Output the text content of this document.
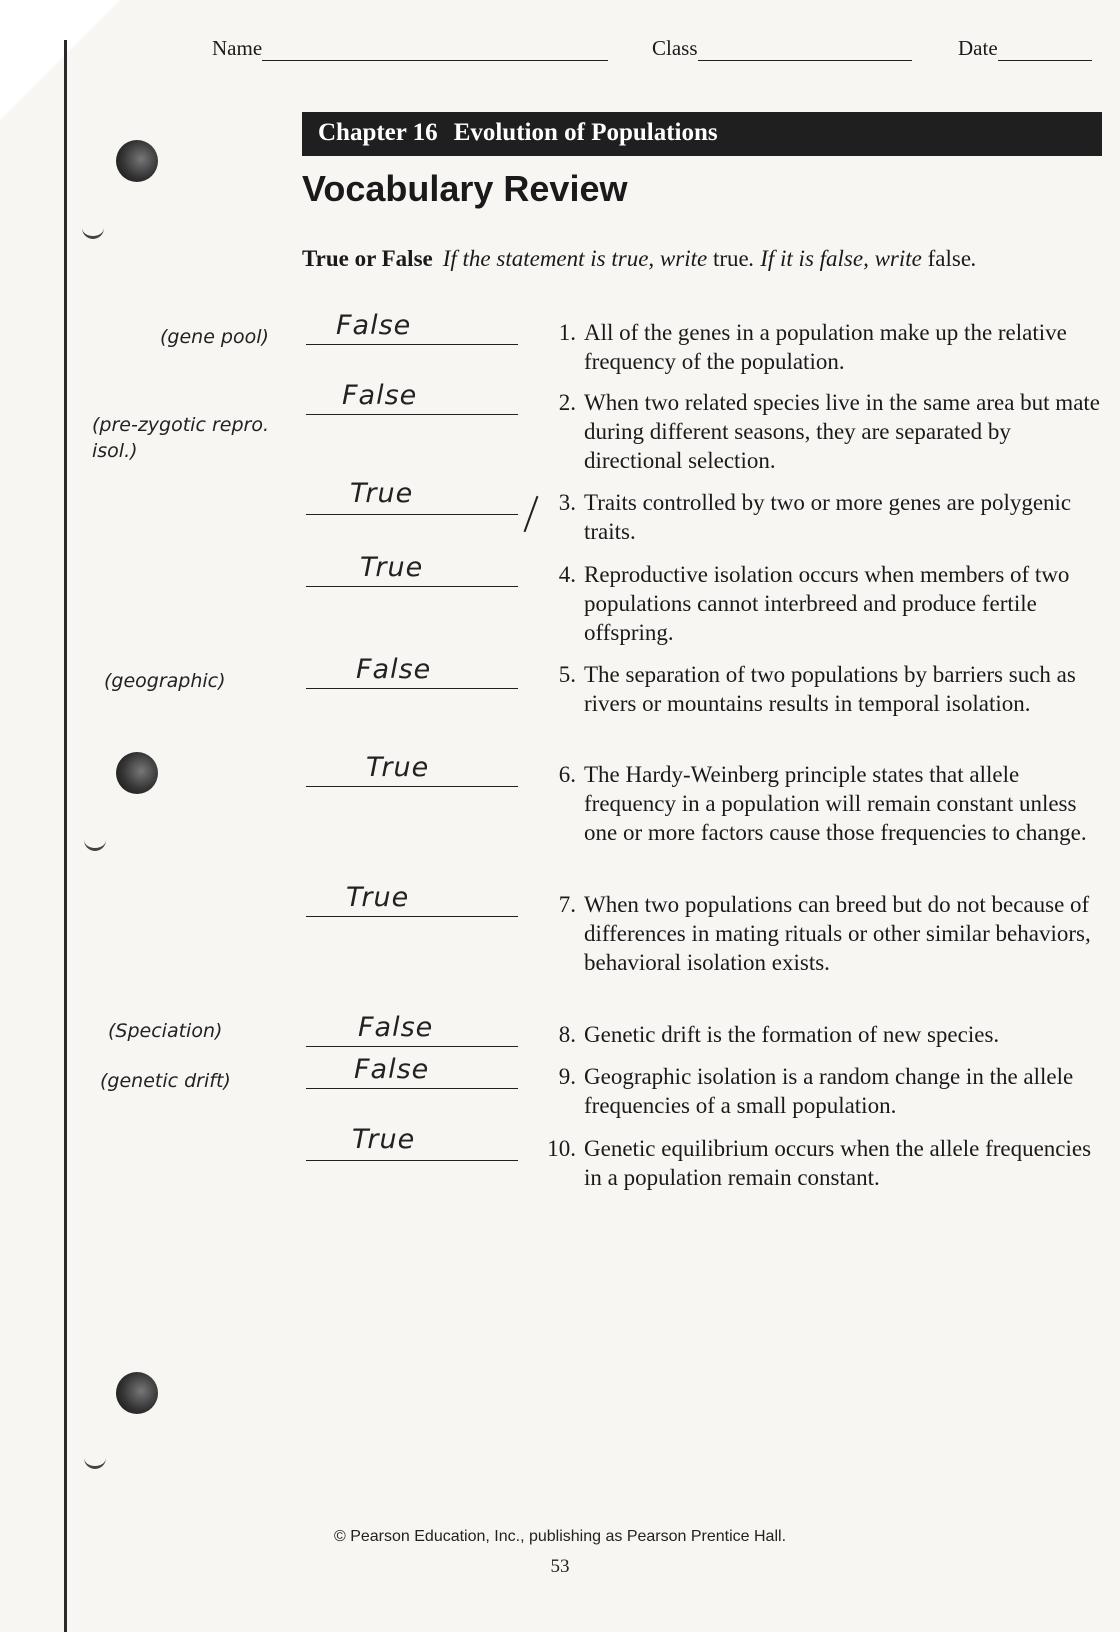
Name	Class	Date
Chapter 16 Evolution of Populations
Vocabulary Review
True or False If the statement is true, write true. If it is false, write false.
1. All of the genes in a population make up the relative frequency of the population.
2. When two related species live in the same area but mate during different seasons, they are separated by directional selection.
3. Traits controlled by two or more genes are polygenic traits.
4. Reproductive isolation occurs when members of two populations cannot interbreed and produce fertile offspring.
5. The separation of two populations by barriers such as rivers or mountains results in temporal isolation.
6. The Hardy-Weinberg principle states that allele frequency in a population will remain constant unless one or more factors cause those frequencies to change.
7. When two populations can breed but do not because of differences in mating rituals or other similar behaviors, behavioral isolation exists.
8. Genetic drift is the formation of new species.
9. Geographic isolation is a random change in the allele frequencies of a small population.
10. Genetic equilibrium occurs when the allele frequencies in a population remain constant.
False
False
True
True
False
True
True
False
False
True
(gene pool)
(pre-zygotic repro. isol.)
(geographic)
(Speciation)
(genetic drift)
© Pearson Education, Inc., publishing as Pearson Prentice Hall.
53
